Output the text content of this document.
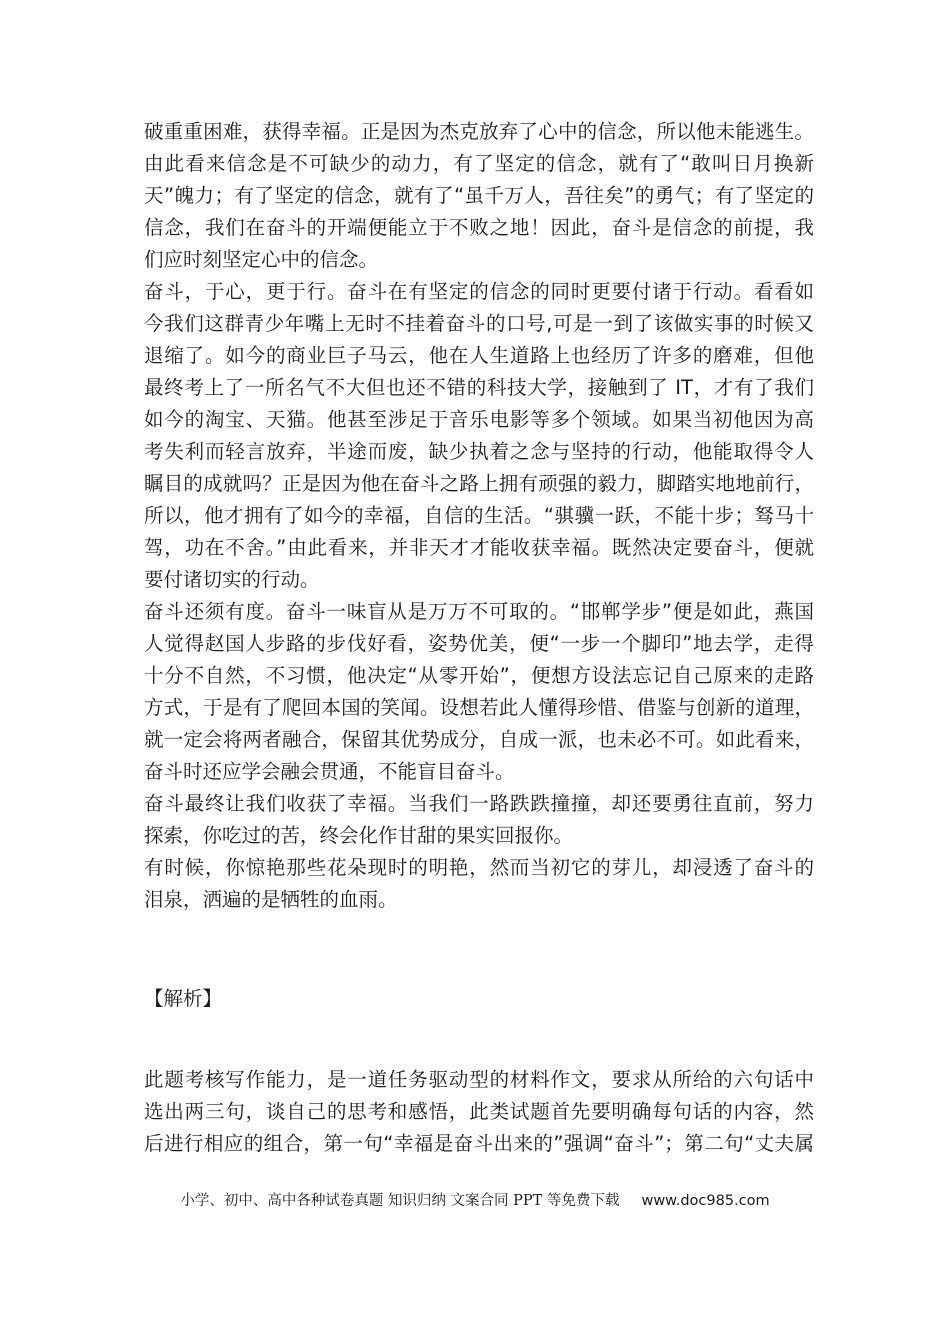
破重重困难，获得幸福。正是因为杰克放弃了心中的信念，所以他未能逃生。
由此看来信念是不可缺少的动力，有了坚定的信念，就有了“敢叫日月换新
天”魄力；有了坚定的信念，就有了“虽千万人，吾往矣”的勇气；有了坚定的
信念，我们在奋斗的开端便能立于不败之地！因此，奋斗是信念的前提，我
们应时刻坚定心中的信念。
奋斗，于心，更于行。奋斗在有坚定的信念的同时更要付诸于行动。看看如
今我们这群青少年嘴上无时不挂着奋斗的口号,可是一到了该做实事的时候又
退缩了。如今的商业巨子马云，他在人生道路上也经历了许多的磨难，但他
最终考上了一所名气不大但也还不错的科技大学，接触到了 IT，才有了我们
如今的淘宝、天猫。他甚至涉足于音乐电影等多个领域。如果当初他因为高
考失利而轻言放弃，半途而废，缺少执着之念与坚持的行动，他能取得令人
瞩目的成就吗？正是因为他在奋斗之路上拥有顽强的毅力，脚踏实地地前行，
所以，他才拥有了如今的幸福，自信的生活。“骐骥一跃，不能十步；驽马十
驾，功在不舍。”由此看来，并非天才才能收获幸福。既然决定要奋斗，便就
要付诸切实的行动。
奋斗还须有度。奋斗一味盲从是万万不可取的。“邯郸学步”便是如此，燕国
人觉得赵国人步路的步伐好看，姿势优美，便“一步一个脚印”地去学，走得
十分不自然，不习惯，他决定“从零开始”，便想方设法忘记自己原来的走路
方式，于是有了爬回本国的笑闻。设想若此人懂得珍惜、借鉴与创新的道理，
就一定会将两者融合，保留其优势成分，自成一派，也未必不可。如此看来，
奋斗时还应学会融会贯通，不能盲目奋斗。
奋斗最终让我们收获了幸福。当我们一路跌跌撞撞，却还要勇往直前，努力
探索，你吃过的苦，终会化作甘甜的果实回报你。
有时候，你惊艳那些花朵现时的明艳，然而当初它的芽儿，却浸透了奋斗的
泪泉，洒遍的是牺牲的血雨。
【解析】
此题考核写作能力，是一道任务驱动型的材料作文，要求从所给的六句话中
选出两三句，谈自己的思考和感悟，此类试题首先要明确每句话的内容，然
后进行相应的组合，第一句“幸福是奋斗出来的”强调“奋斗”；第二句“丈夫属
小学、初中、高中各种试卷真题 知识归纳 文案合同 PPT 等免费下载 www.doc985.com
